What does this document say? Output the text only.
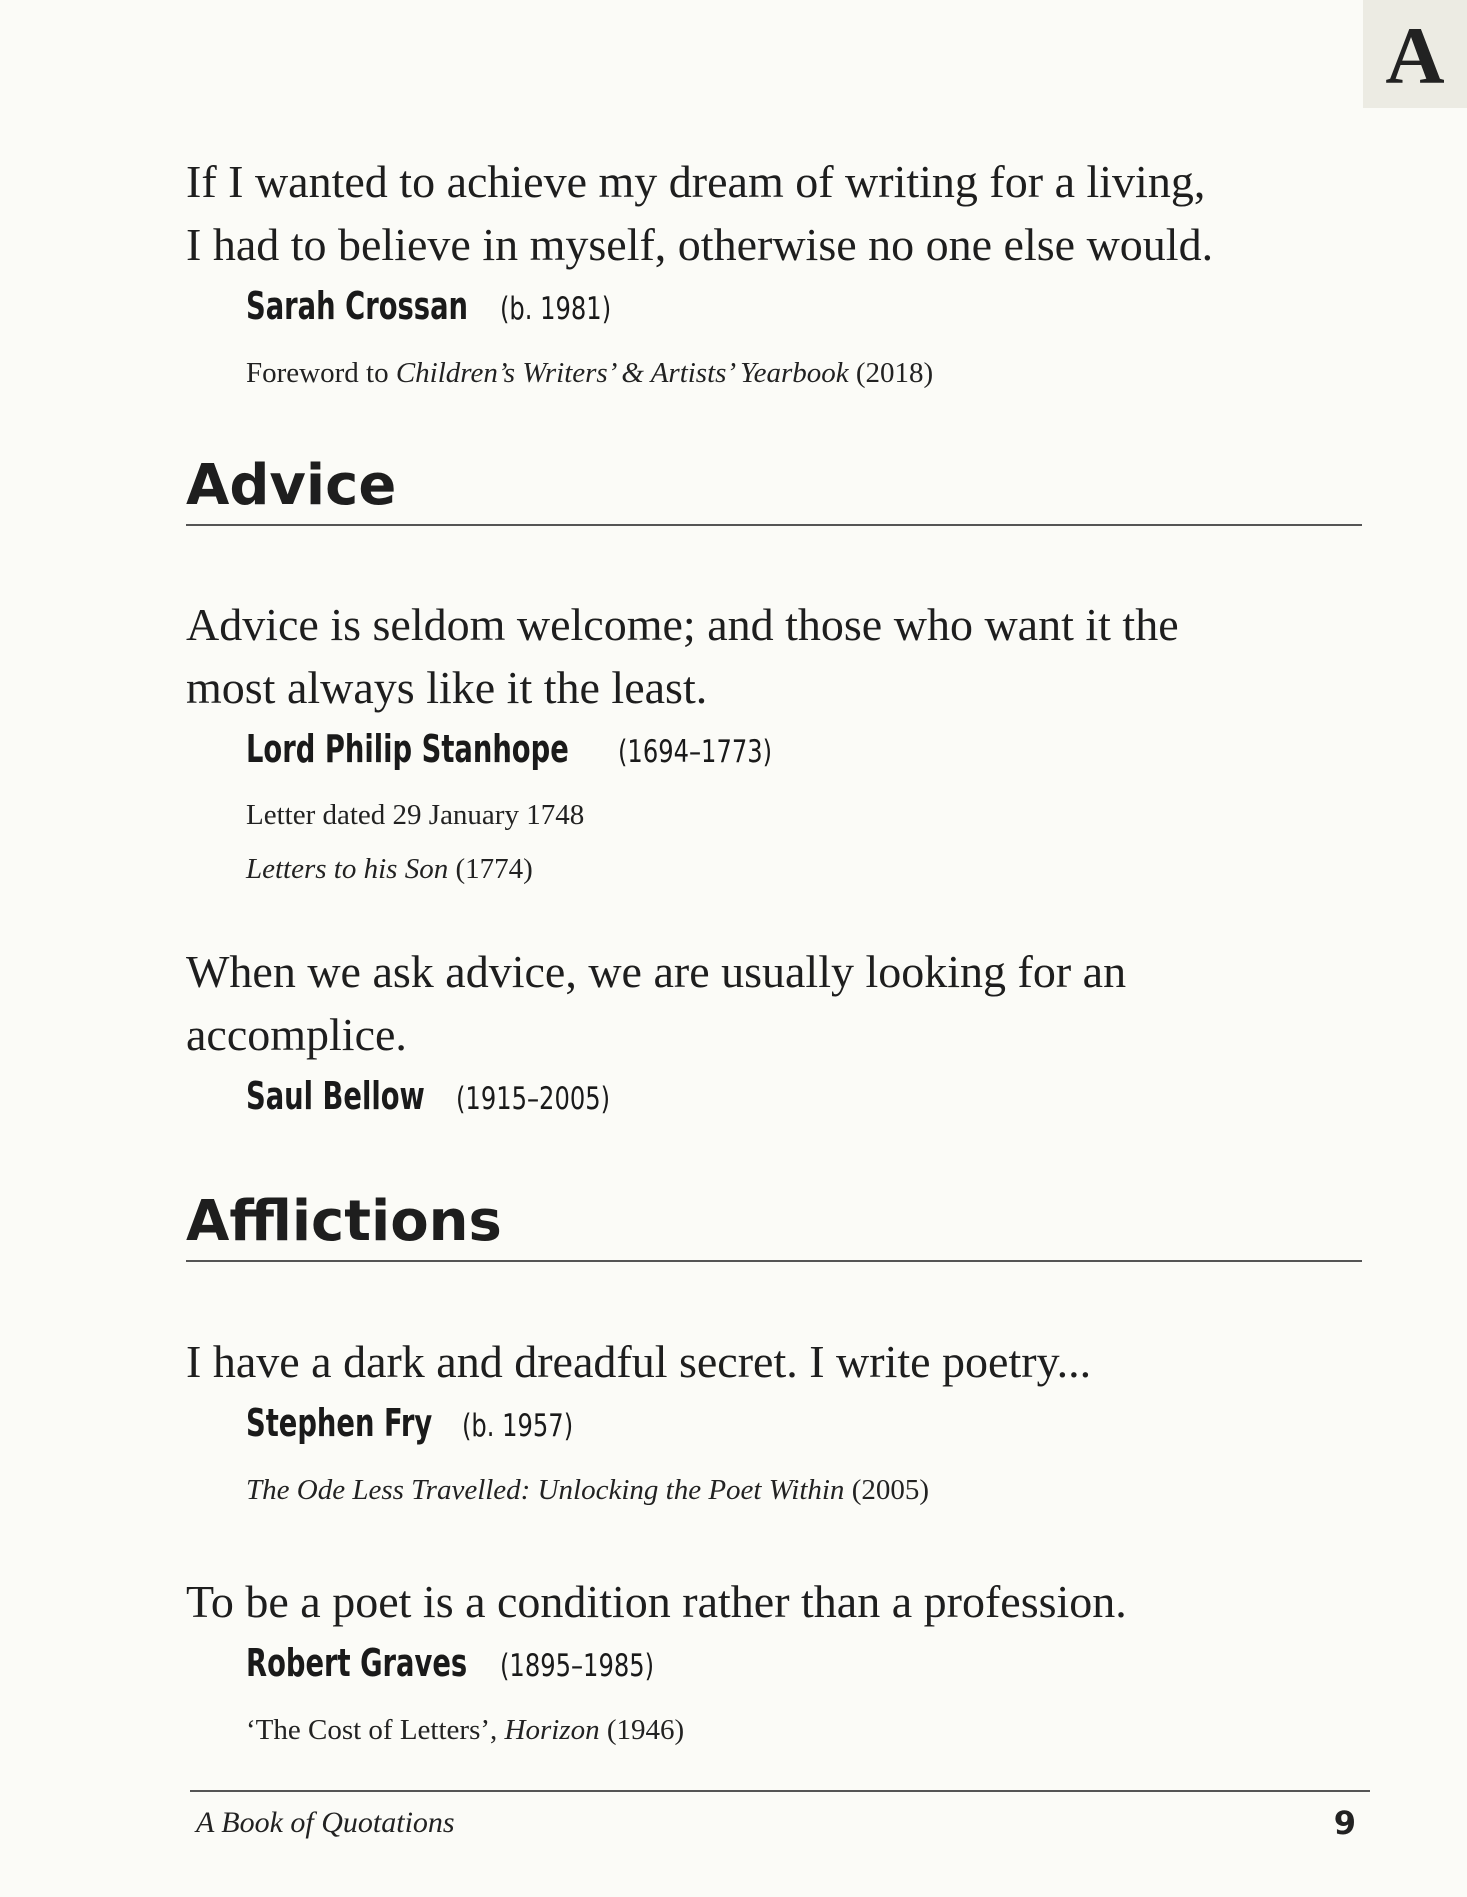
A

If I wanted to achieve my dream of writing for a living,
I had to believe in myself, otherwise no one else would.

Sarah Crossan (b. 1981)

Foreword to Children’s Writers’ & Artists’ Yearbook (2018)

Advice

Advice is seldom welcome; and those who want it the
most always like it the least.

Lord Philip Stanhope (1694–1773)

Letter dated 29 January 1748

Letters to his Son (1774)

When we ask advice, we are usually looking for an
accomplice.

Saul Bellow (1915–2005)

Afflictions

I have a dark and dreadful secret. I write poetry...

Stephen Fry (b. 1957)

The Ode Less Travelled: Unlocking the Poet Within (2005)

To be a poet is a condition rather than a profession.

Robert Graves (1895–1985)

‘The Cost of Letters’, Horizon (1946)

A Book of Quotations	9
